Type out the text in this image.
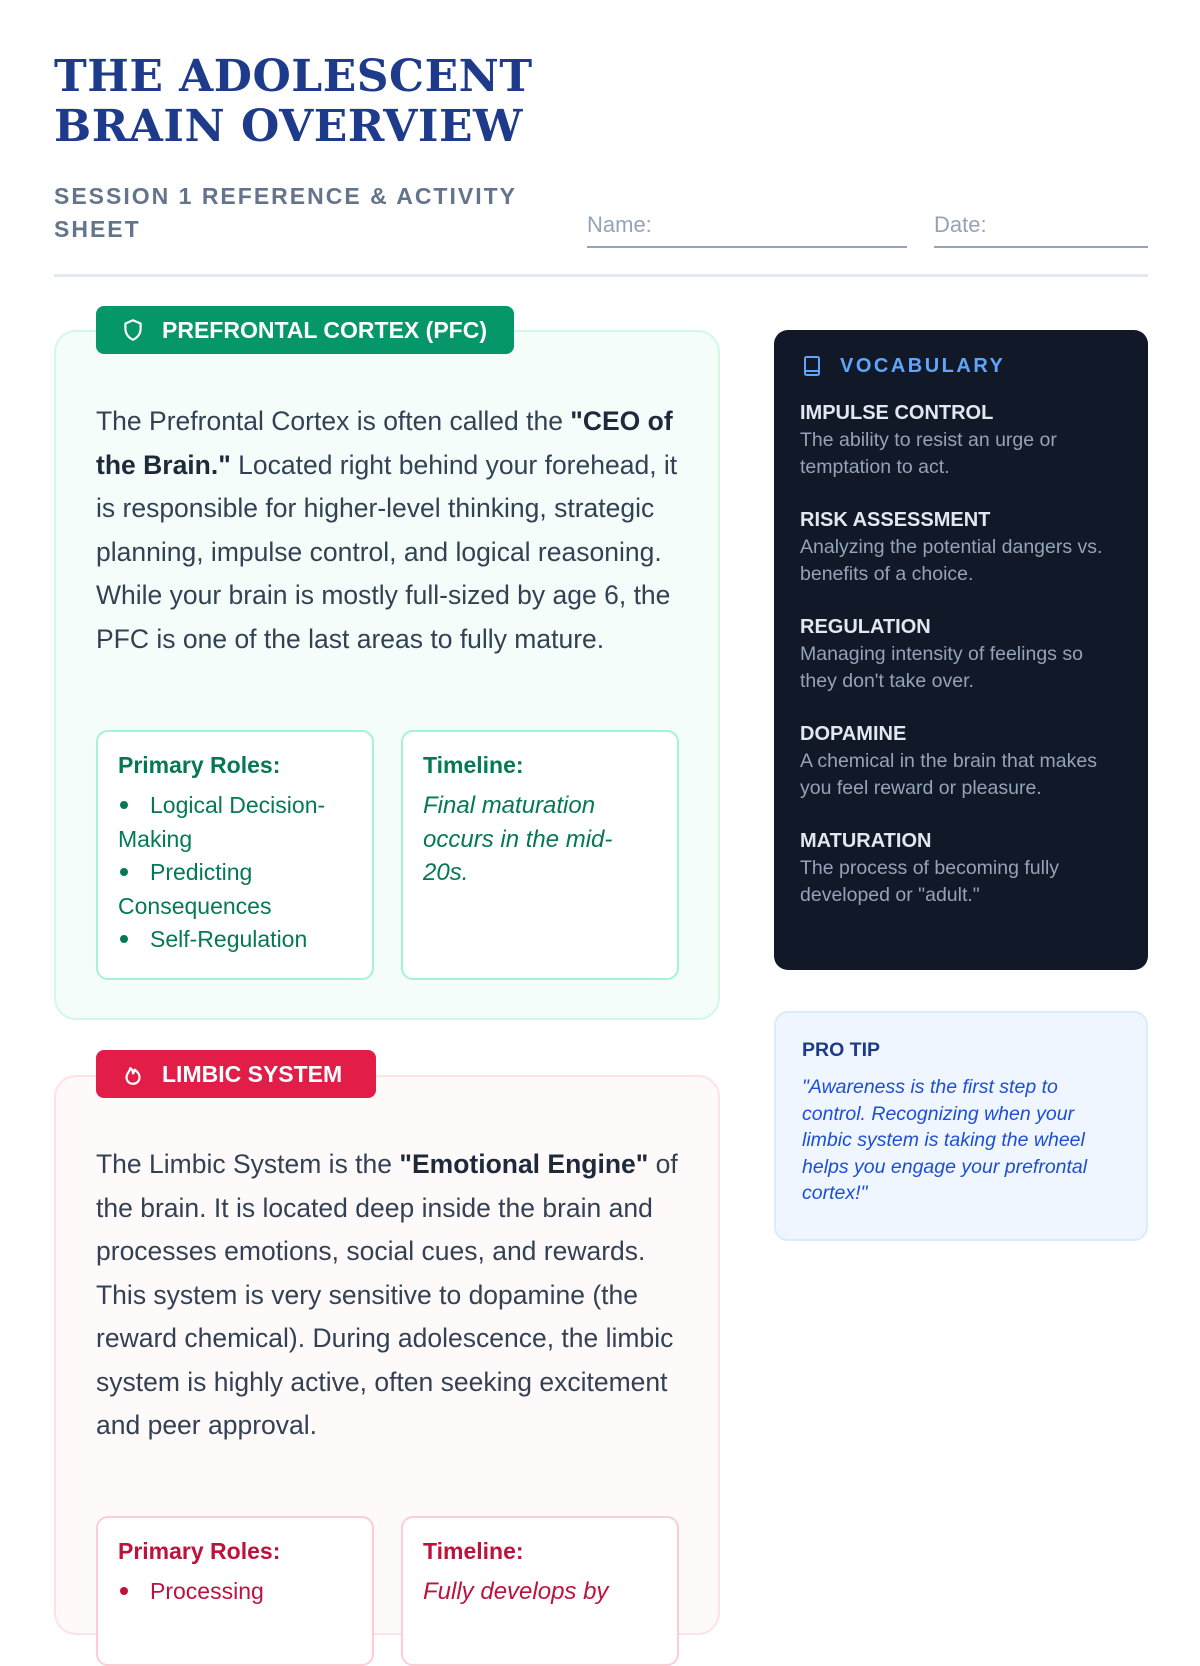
THE ADOLESCENT
BRAIN OVERVIEW
SESSION 1 REFERENCE & ACTIVITY SHEET	Name:	Date:
PREFRONTAL CORTEX (PFC)
The Prefrontal Cortex is often called the "CEO of the Brain." Located right behind your forehead, it is responsible for higher-level thinking, strategic planning, impulse control, and logical reasoning. While your brain is mostly full-sized by age 6, the PFC is one of the last areas to fully mature.
Primary Roles:
Logical Decision-Making
Predicting Consequences
Self-Regulation
Timeline:
Final maturation occurs in the mid-20s.
LIMBIC SYSTEM
The Limbic System is the "Emotional Engine" of the brain. It is located deep inside the brain and processes emotions, social cues, and rewards. This system is very sensitive to dopamine (the reward chemical). During adolescence, the limbic system is highly active, often seeking excitement and peer approval.
Primary Roles:
Processing
Timeline:
Fully develops by
VOCABULARY
IMPULSE CONTROL
The ability to resist an urge or temptation to act.
RISK ASSESSMENT
Analyzing the potential dangers vs. benefits of a choice.
REGULATION
Managing intensity of feelings so they don't take over.
DOPAMINE
A chemical in the brain that makes you feel reward or pleasure.
MATURATION
The process of becoming fully developed or "adult."
PRO TIP
"Awareness is the first step to control. Recognizing when your limbic system is taking the wheel helps you engage your prefrontal cortex!"
